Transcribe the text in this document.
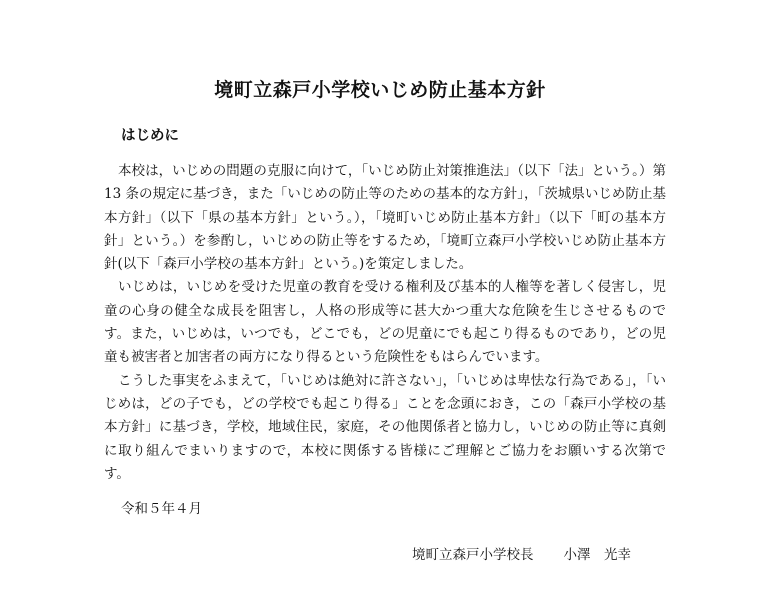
境町立森戸小学校いじめ防止基本方針
はじめに

本校は，いじめの問題の克服に向けて，「いじめ防止対策推進法」（以下「法」という。）第 13 条の規定に基づき，また「いじめの防止等のための基本的な方針」，「茨城県いじめ防止基本方針」（以下「県の基本方針」という。），「境町いじめ防止基本方針」（以下「町の基本方針」という。）を参酌し，いじめの防止等をするため，「境町立森戸小学校いじめ防止基本方針(以下「森戸小学校の基本方針」という。)を策定しました。

いじめは，いじめを受けた児童の教育を受ける権利及び基本的人権等を著しく侵害し，児童の心身の健全な成長を阻害し，人格の形成等に甚大かつ重大な危険を生じさせるものです。また，いじめは，いつでも，どこでも，どの児童にでも起こり得るものであり，どの児童も被害者と加害者の両方になり得るという危険性をもはらんでいます。

こうした事実をふまえて，「いじめは絶対に許さない」，「いじめは卑怯な行為である」，「いじめは，どの子でも，どの学校でも起こり得る」ことを念頭におき，この「森戸小学校の基本方針」に基づき，学校，地域住民，家庭，その他関係者と協力し，いじめの防止等に真剣に取り組んでまいりますので，本校に関係する皆様にご理解とご協力をお願いする次第です。

令和５年４月
境町立森戸小学校長 小澤　光幸
